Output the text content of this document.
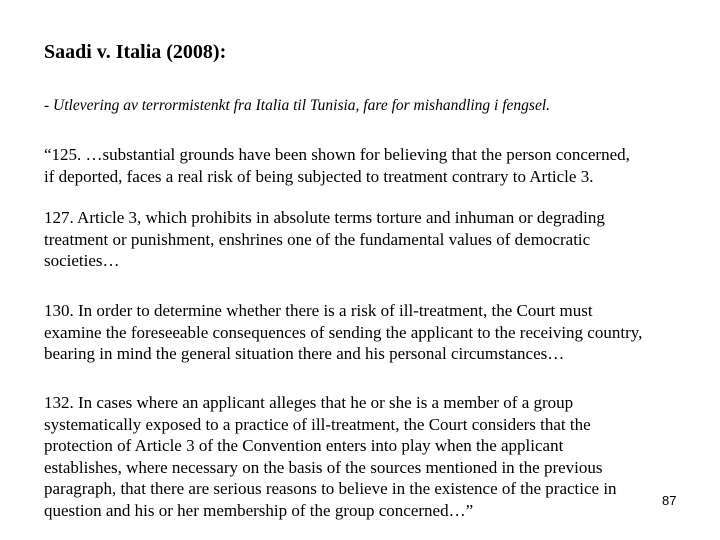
Saadi v. Italia (2008):
- Utlevering av terrormistenkt fra Italia til Tunisia, fare for mishandling i fengsel.
“125. …substantial grounds have been shown for believing that the person concerned,
if deported, faces a real risk of being subjected to treatment contrary to Article 3.
127. Article 3, which prohibits in absolute terms torture and inhuman or degrading
treatment or punishment, enshrines one of the fundamental values of democratic
societies…
130. In order to determine whether there is a risk of ill-treatment, the Court must
examine the foreseeable consequences of sending the applicant to the receiving country,
bearing in mind the general situation there and his personal circumstances…
132. In cases where an applicant alleges that he or she is a member of a group
systematically exposed to a practice of ill-treatment, the Court considers that the
protection of Article 3 of the Convention enters into play when the applicant
establishes, where necessary on the basis of the sources mentioned in the previous
paragraph, that there are serious reasons to believe in the existence of the practice in
question and his or her membership of the group concerned…”	87
